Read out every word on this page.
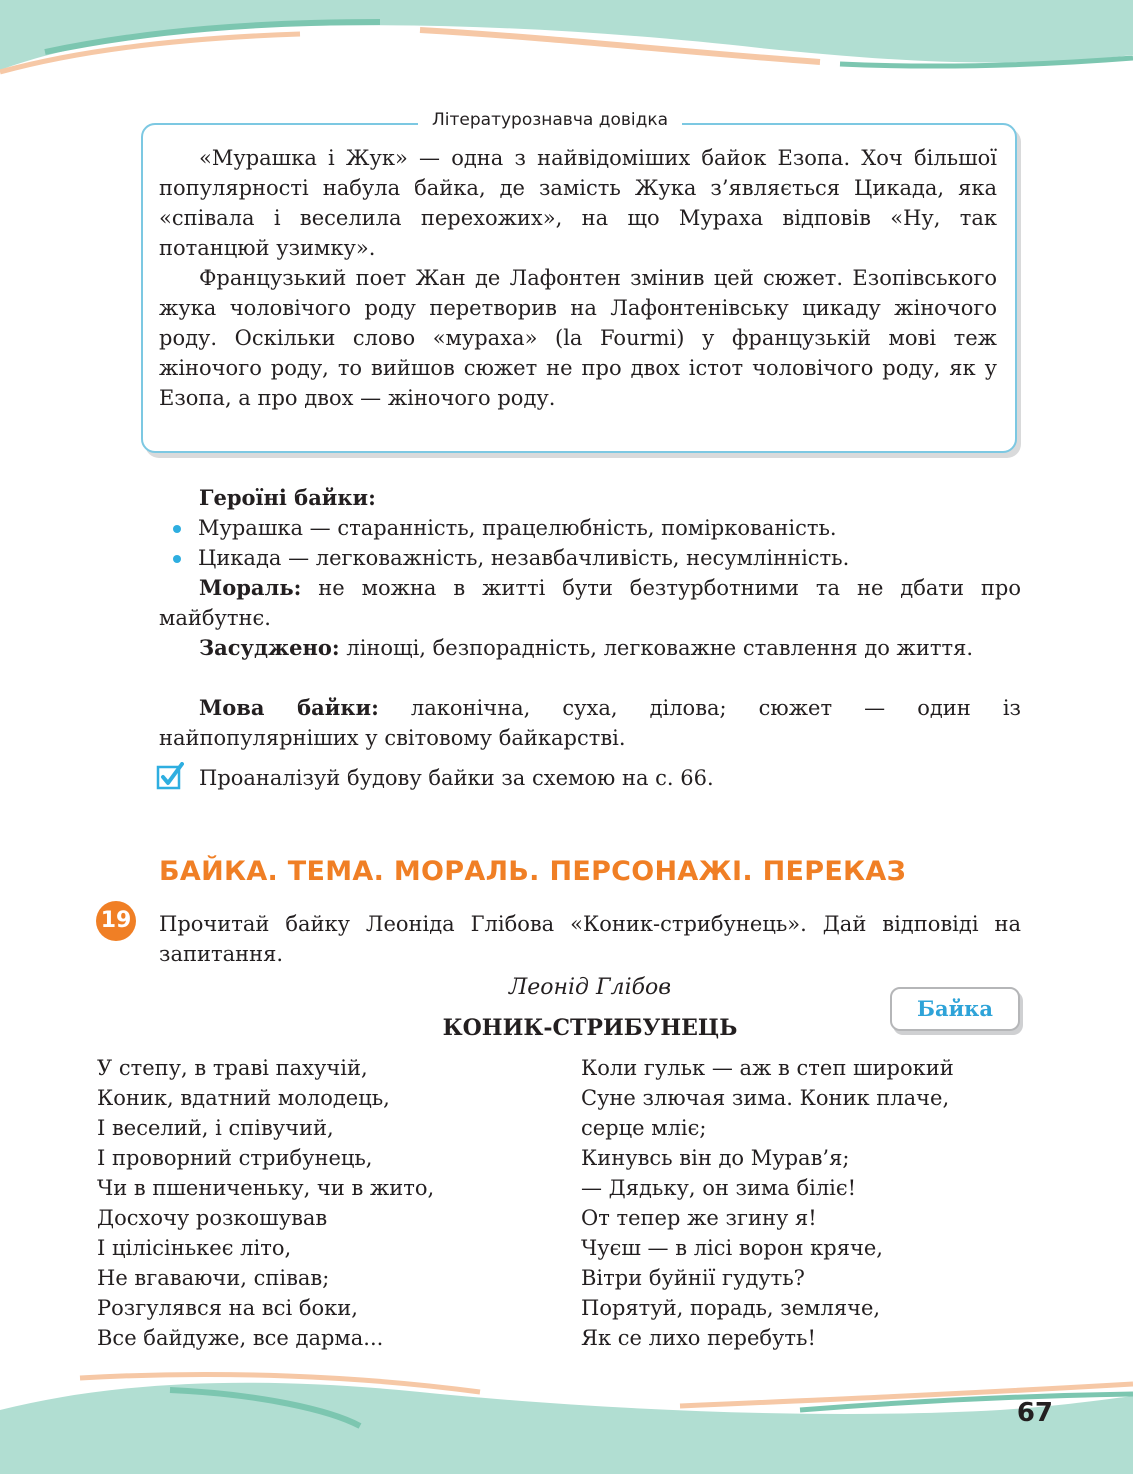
Літературознавча довідка

«Мурашка і Жук» — одна з найвідоміших байок Езопа. Хоч більшої популярності набула байка, де замість Жука з’являється Цикада, яка «співала і веселила перехожих», на що Мураха відповів «Ну, так потанцюй узимку».

Французький поет Жан де Лафонтен змінив цей сюжет. Езопівського жука чоловічого роду перетворив на Лафонтенівську цикаду жіночого роду. Оскільки слово «мураха» (la Fourmi) у французькій мові теж жіночого роду, то вийшов сюжет не про двох істот чоловічого роду, як у Езопа, а про двох — жіночого роду.

Героїні байки:
Мурашка — старанність, працелюбність, поміркованість.
Цикада — легковажність, незавбачливість, несумлінність.
Мораль: не можна в житті бути безтурботними та не дбати про майбутнє.
Засуджено: лінощі, безпорадність, легковажне ставлення до життя.
Мова байки: лаконічна, суха, ділова; сюжет — один із найпопулярніших у світовому байкарстві.
Проаналізуй будову байки за схемою на с. 66.
БАЙКА. ТЕМА. МОРАЛЬ. ПЕРСОНАЖІ. ПЕРЕКАЗ
19 Прочитай байку Леоніда Глібова «Коник-стрибунець». Дай відповіді на запитання.
Леонід Глібов
КОНИК-СТРИБУНЕЦЬ
Байка
У степу, в траві пахучій,
Коник, вдатний молодець,
І веселий, і співучий,
І проворний стрибунець,
Чи в пшениченьку, чи в жито,
Досхочу розкошував
І цілісінькеє літо,
Не вгаваючи, співав;
Розгулявся на всі боки,
Все байдуже, все дарма...
Коли гульк — аж в степ широкий
Суне злючая зима. Коник плаче,
серце мліє;
Кинувсь він до Мурав’я;
— Дядьку, он зима біліє!
От тепер же згину я!
Чуєш — в лісі ворон кряче,
Вітри буйнії гудуть?
Порятуй, порадь, земляче,
Як се лихо перебуть!
67
